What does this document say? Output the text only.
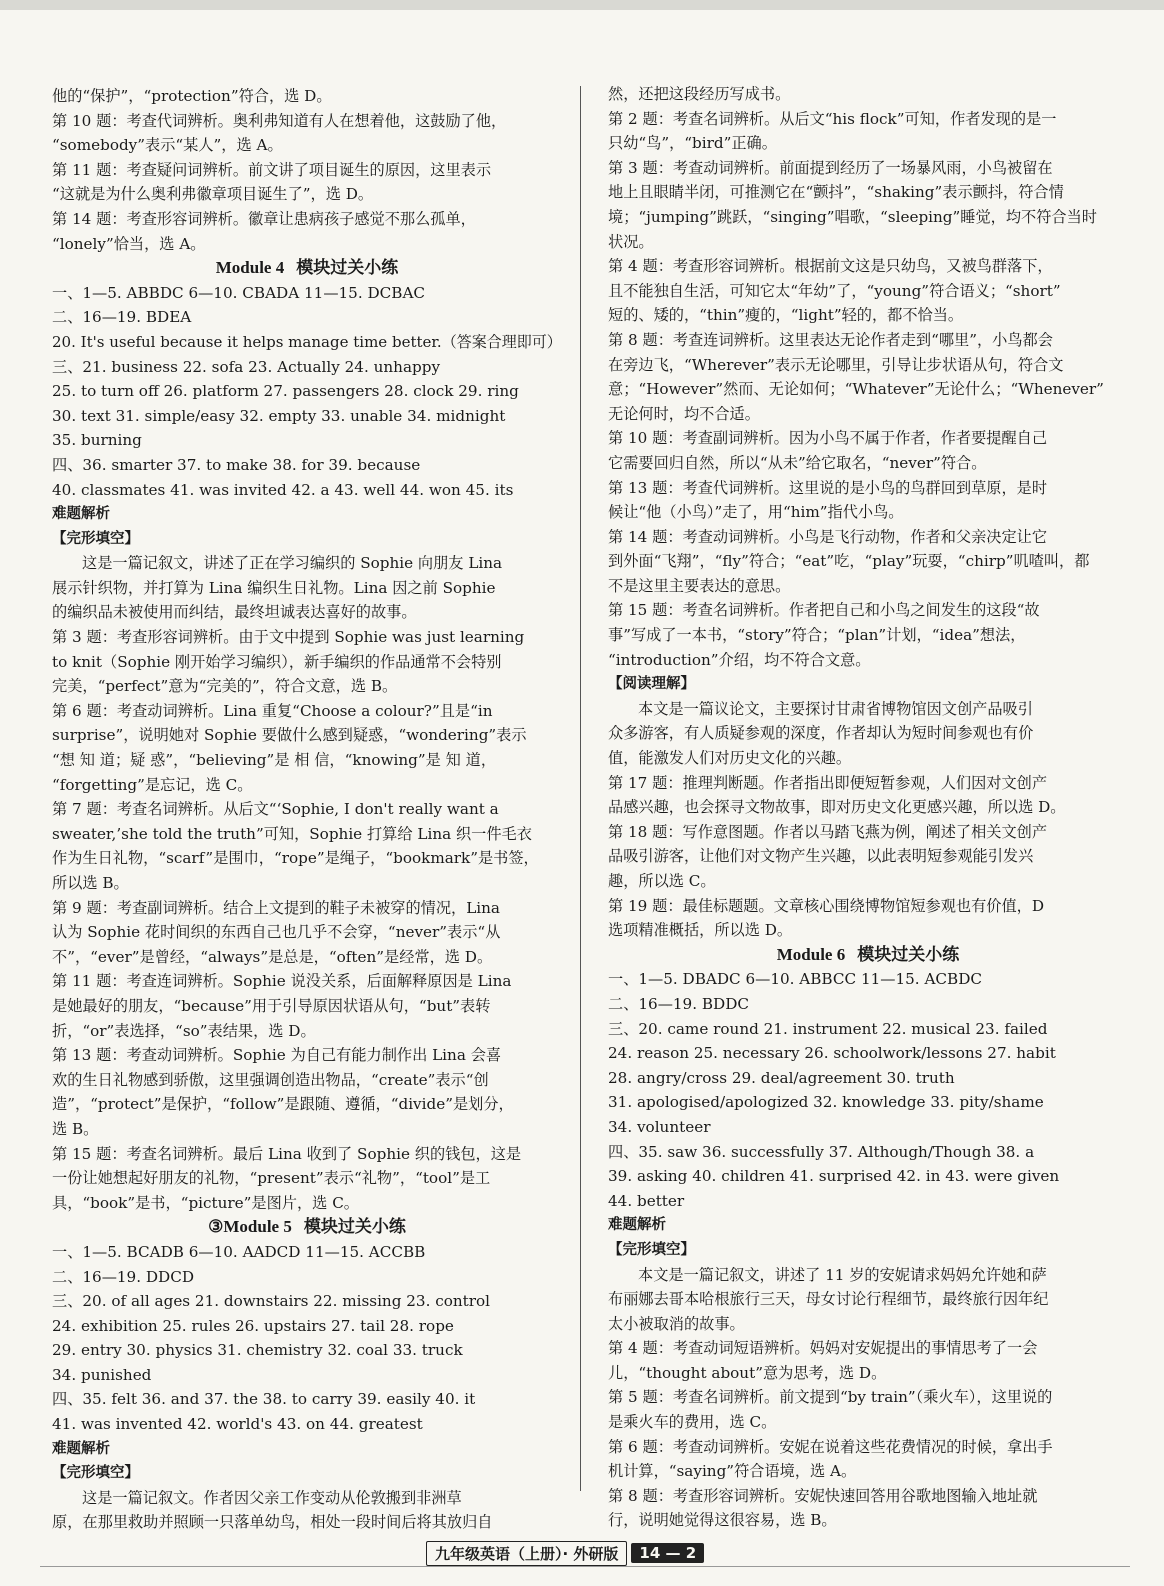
他的“保护”，“protection”符合，选 D。
第 10 题：考查代词辨析。奥利弗知道有人在想着他，这鼓励了他，
“somebody”表示“某人”，选 A。
第 11 题：考查疑问词辨析。前文讲了项目诞生的原因，这里表示
“这就是为什么奥利弗徽章项目诞生了”，选 D。
第 14 题：考查形容词辨析。徽章让患病孩子感觉不那么孤单，
“lonely”恰当，选 A。
Module 4 模块过关小练
一、1—5. ABBDC 6—10. CBADA 11—15. DCBAC
二、16—19. BDEA
20. It's useful because it helps manage time better.（答案合理即可）
三、21. business 22. sofa 23. Actually 24. unhappy
25. to turn off 26. platform 27. passengers 28. clock 29. ring
30. text 31. simple/easy 32. empty 33. unable 34. midnight
35. burning
四、36. smarter 37. to make 38. for 39. because
40. classmates 41. was invited 42. a 43. well 44. won 45. its
难题解析
【完形填空】
这是一篇记叙文，讲述了正在学习编织的 Sophie 向朋友 Lina
展示针织物，并打算为 Lina 编织生日礼物。Lina 因之前 Sophie
的编织品未被使用而纠结，最终坦诚表达喜好的故事。
第 3 题：考查形容词辨析。由于文中提到 Sophie was just learning
to knit（Sophie 刚开始学习编织），新手编织的作品通常不会特别
完美，“perfect”意为“完美的”，符合文意，选 B。
第 6 题：考查动词辨析。Lina 重复“Choose a colour?”且是“in
surprise”，说明她对 Sophie 要做什么感到疑惑，“wondering”表示
“想 知 道；疑 惑”，“believing”是 相 信，“knowing”是 知 道，
“forgetting”是忘记，选 C。
第 7 题：考查名词辨析。从后文“‘Sophie, I don't really want a
sweater,’she told the truth”可知，Sophie 打算给 Lina 织一件毛衣
作为生日礼物，“scarf”是围巾，“rope”是绳子，“bookmark”是书签，
所以选 B。
第 9 题：考查副词辨析。结合上文提到的鞋子未被穿的情况，Lina
认为 Sophie 花时间织的东西自己也几乎不会穿，“never”表示“从
不”，“ever”是曾经，“always”是总是，“often”是经常，选 D。
第 11 题：考查连词辨析。Sophie 说没关系，后面解释原因是 Lina
是她最好的朋友，“because”用于引导原因状语从句，“but”表转
折，“or”表选择，“so”表结果，选 D。
第 13 题：考查动词辨析。Sophie 为自己有能力制作出 Lina 会喜
欢的生日礼物感到骄傲，这里强调创造出物品，“create”表示“创
造”，“protect”是保护，“follow”是跟随、遵循，“divide”是划分，
选 B。
第 15 题：考查名词辨析。最后 Lina 收到了 Sophie 织的钱包，这是
一份让她想起好朋友的礼物，“present”表示“礼物”，“tool”是工
具，“book”是书，“picture”是图片，选 C。
③Module 5 模块过关小练
一、1—5. BCADB 6—10. AADCD 11—15. ACCBB
二、16—19. DDCD
三、20. of all ages 21. downstairs 22. missing 23. control
24. exhibition 25. rules 26. upstairs 27. tail 28. rope
29. entry 30. physics 31. chemistry 32. coal 33. truck
34. punished
四、35. felt 36. and 37. the 38. to carry 39. easily 40. it
41. was invented 42. world's 43. on 44. greatest
难题解析
【完形填空】
这是一篇记叙文。作者因父亲工作变动从伦敦搬到非洲草
原，在那里救助并照顾一只落单幼鸟，相处一段时间后将其放归自
然，还把这段经历写成书。
第 2 题：考查名词辨析。从后文“his flock”可知，作者发现的是一
只幼“鸟”，“bird”正确。
第 3 题：考查动词辨析。前面提到经历了一场暴风雨，小鸟被留在
地上且眼睛半闭，可推测它在“颤抖”，“shaking”表示颤抖，符合情
境；“jumping”跳跃，“singing”唱歌，“sleeping”睡觉，均不符合当时
状况。
第 4 题：考查形容词辨析。根据前文这是只幼鸟，又被鸟群落下，
且不能独自生活，可知它太“年幼”了，“young”符合语义；“short”
短的、矮的，“thin”瘦的，“light”轻的，都不恰当。
第 8 题：考查连词辨析。这里表达无论作者走到“哪里”，小鸟都会
在旁边飞，“Wherever”表示无论哪里，引导让步状语从句，符合文
意；“However”然而、无论如何；“Whatever”无论什么；“Whenever”
无论何时，均不合适。
第 10 题：考查副词辨析。因为小鸟不属于作者，作者要提醒自己
它需要回归自然，所以“从未”给它取名，“never”符合。
第 13 题：考查代词辨析。这里说的是小鸟的鸟群回到草原，是时
候让“他（小鸟）”走了，用“him”指代小鸟。
第 14 题：考查动词辨析。小鸟是飞行动物，作者和父亲决定让它
到外面“飞翔”，“fly”符合；“eat”吃，“play”玩耍，“chirp”叽喳叫，都
不是这里主要表达的意思。
第 15 题：考查名词辨析。作者把自己和小鸟之间发生的这段“故
事”写成了一本书，“story”符合；“plan”计划，“idea”想法，
“introduction”介绍，均不符合文意。
【阅读理解】
本文是一篇议论文，主要探讨甘肃省博物馆因文创产品吸引
众多游客，有人质疑参观的深度，作者却认为短时间参观也有价
值，能激发人们对历史文化的兴趣。
第 17 题：推理判断题。作者指出即便短暂参观，人们因对文创产
品感兴趣，也会探寻文物故事，即对历史文化更感兴趣，所以选 D。
第 18 题：写作意图题。作者以马踏飞燕为例，阐述了相关文创产
品吸引游客，让他们对文物产生兴趣，以此表明短参观能引发兴
趣，所以选 C。
第 19 题：最佳标题题。文章核心围绕博物馆短参观也有价值，D
选项精准概括，所以选 D。
Module 6 模块过关小练
一、1—5. DBADC 6—10. ABBCC 11—15. ACBDC
二、16—19. BDDC
三、20. came round 21. instrument 22. musical 23. failed
24. reason 25. necessary 26. schoolwork/lessons 27. habit
28. angry/cross 29. deal/agreement 30. truth
31. apologised/apologized 32. knowledge 33. pity/shame
34. volunteer
四、35. saw 36. successfully 37. Although/Though 38. a
39. asking 40. children 41. surprised 42. in 43. were given
44. better
难题解析
【完形填空】
本文是一篇记叙文，讲述了 11 岁的安妮请求妈妈允许她和萨
布丽娜去哥本哈根旅行三天，母女讨论行程细节，最终旅行因年纪
太小被取消的故事。
第 4 题：考查动词短语辨析。妈妈对安妮提出的事情思考了一会
儿，“thought about”意为思考，选 D。
第 5 题：考查名词辨析。前文提到“by train”（乘火车），这里说的
是乘火车的费用，选 C。
第 6 题：考查动词辨析。安妮在说着这些花费情况的时候，拿出手
机计算，“saying”符合语境，选 A。
第 8 题：考查形容词辨析。安妮快速回答用谷歌地图输入地址就
行，说明她觉得这很容易，选 B。
九年级英语（上册）· 外研版	14 — 2
